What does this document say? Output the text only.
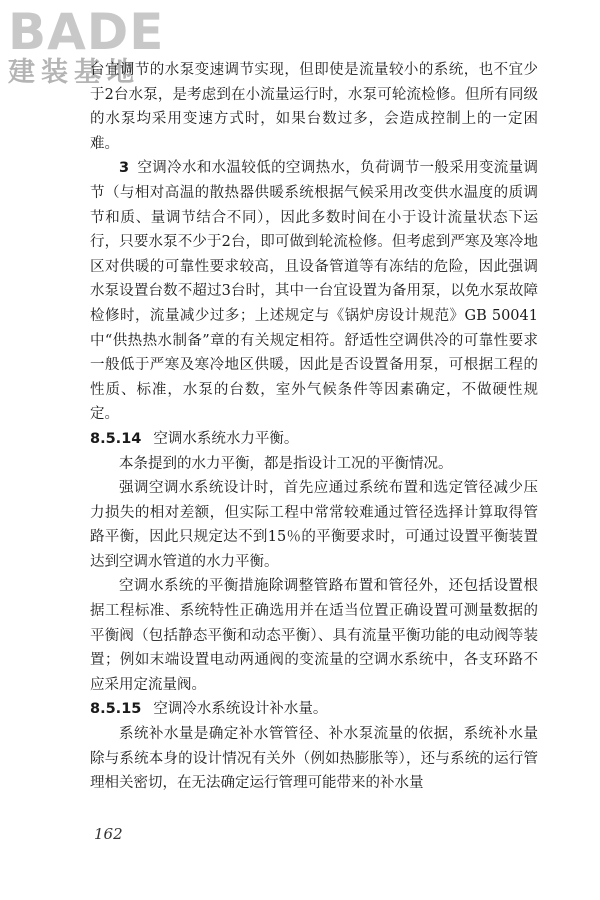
BADE
建装基地

台宜调节的水泵变速调节实现，但即使是流量较小的系统，也不宜少于2台水泵，是考虑到在小流量运行时，水泵可轮流检修。但所有同级的水泵均采用变速方式时，如果台数过多，会造成控制上的一定困难。

3 空调冷水和水温较低的空调热水，负荷调节一般采用变流量调节（与相对高温的散热器供暖系统根据气候采用改变供水温度的质调节和质、量调节结合不同），因此多数时间在小于设计流量状态下运行，只要水泵不少于2台，即可做到轮流检修。但考虑到严寒及寒冷地区对供暖的可靠性要求较高，且设备管道等有冻结的危险，因此强调水泵设置台数不超过3台时，其中一台宜设置为备用泵，以免水泵故障检修时，流量减少过多；上述规定与《锅炉房设计规范》GB 50041 中“供热热水制备”章的有关规定相符。舒适性空调供冷的可靠性要求一般低于严寒及寒冷地区供暖，因此是否设置备用泵，可根据工程的性质、标准，水泵的台数，室外气候条件等因素确定，不做硬性规定。

8.5.14 空调水系统水力平衡。

本条提到的水力平衡，都是指设计工况的平衡情况。

强调空调水系统设计时，首先应通过系统布置和选定管径减少压力损失的相对差额，但实际工程中常常较难通过管径选择计算取得管路平衡，因此只规定达不到15％的平衡要求时，可通过设置平衡装置达到空调水管道的水力平衡。

空调水系统的平衡措施除调整管路布置和管径外，还包括设置根据工程标准、系统特性正确选用并在适当位置正确设置可测量数据的平衡阀（包括静态平衡和动态平衡）、具有流量平衡功能的电动阀等装置；例如末端设置电动两通阀的变流量的空调水系统中，各支环路不应采用定流量阀。

8.5.15 空调冷水系统设计补水量。

系统补水量是确定补水管管径、补水泵流量的依据，系统补水量除与系统本身的设计情况有关外（例如热膨胀等），还与系统的运行管理相关密切，在无法确定运行管理可能带来的补水量

162
